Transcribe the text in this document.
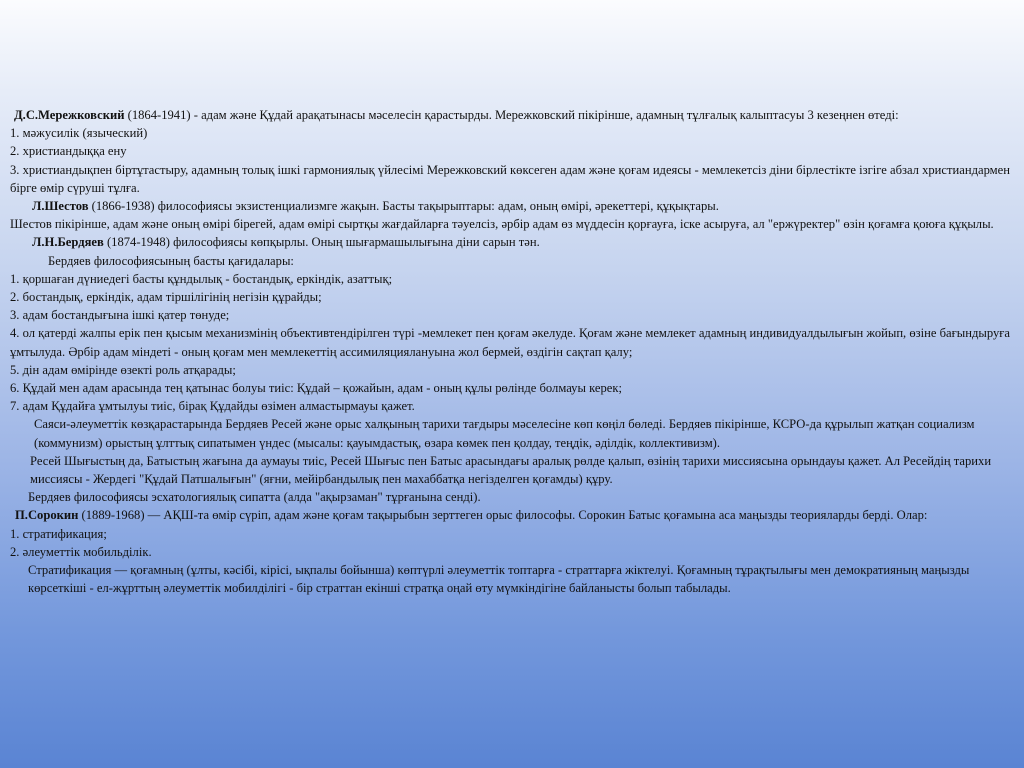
Д.С.Мережковский (1864-1941) - адам және Құдай арақатынасы мәселесін қарастырды. Мережковский пікірінше, адамның тұлғалық калыптасуы 3 кезеңнен өтеді:

1. мәжусилік (язычеcкий)

2. христиандыққа ену

3. христиандықпен біртұтастыру, адамның толық ішкі гармониялық үйлесімі Мережковский көксеген адам және қоғам идеясы - мемлекетсіз діни бірлестікте ізгіге абзал христиандармен бірге өмір сүруші тұлға.

Л.Шестов (1866-1938) философиясы экзистенциализмге жақын. Басты тақырыптары: адам, оның өмірі, әрекеттері, құқықтары.

Шестов пікірінше, адам және оның өмірі бірегей, адам өмірі сыртқы жағдайларға тәуелсіз, әрбір адам өз мүддесін қорғауға, іске асыруға, ал "ержүректер" өзін қоғамға қоюға құқылы.

Л.Н.Бердяев (1874-1948) философиясы көпқырлы. Оның шығармашылығына діни сарын тән.

Бердяев философиясының басты қағидалары:

1. қоршаған дүниедегі басты құндылық - бостандық, еркіндік, азаттық;

2. бостандық, еркіндік, адам тіршілігінің негізін құрайды;

3. адам бостандығына ішкі қатер төнуде;

4. ол қатерді жалпы ерік пен қысым механизмінің объективтендірілген түрі -мемлекет пен қоғам әкелуде. Қоғам және мемлекет адамның индивидуалдылығын жойып, өзіне бағындыруға ұмтылуда. Әрбір адам міндеті - оның қоғам мен мемлекеттің ассимиляциялануына жол бермей, өздігін сақтап қалу;

5. дін адам өмірінде өзекті роль атқарады;

6. Құдай мен адам арасында тең қатынас болуы тиіс: Құдай – қожайын, адам - оның құлы рөлінде болмауы керек;

7. адам Құдайға ұмтылуы тиіс, бірақ Құдайды өзімен алмастырмауы қажет.

Саяси-әлеуметтік көзқарастарында Бердяев Ресей және орыс халқының тарихи тағдыры мәселесіне көп көңіл бөледі. Бердяев пікірінше, КСРО-да құрылып жатқан социализм (коммунизм) орыстың ұлттық сипатымен үндес (мысалы: қауымдастық, өзара көмек пен қолдау, теңдік, әділдік, коллективизм).

Ресей Шығыстың да, Батыстың жағына да аумауы тиіс, Ресей Шығыс пен Батыс арасындағы аралық рөлде қалып, өзінің тарихи миссиясына орындауы қажет. Ал Ресейдің тарихи миссиясы - Жердегі "Құдай Патшалығын" (яғни, мейірбандылық пен махаббатқа негізделген қоғамды) құру.

Бердяев философиясы эсхатологиялық сипатта (алда "ақырзаман" тұрғанына сенді).

П.Сорокин (1889-1968) — АҚШ-та өмір сүріп, адам және қоғам тақырыбын зерттеген орыс философы. Сорокин Батыс қоғамына аса маңызды теорияларды берді. Олар:

1. стратификация;

2. әлеуметтік мобильділік.

Стратификация — қоғамның (ұлты, кәсібі, кірісі, ықпалы бойынша) көптүрлі әлеуметтік топтарға - страттарға жіктелуі. Қоғамның тұрақтылығы мен демократияның маңызды көрсеткіші - ел-жұрттың әлеуметтік мобилділігі - бір страттан екінші стратқа оңай өту мүмкіндігіне байланысты болып табылады.
